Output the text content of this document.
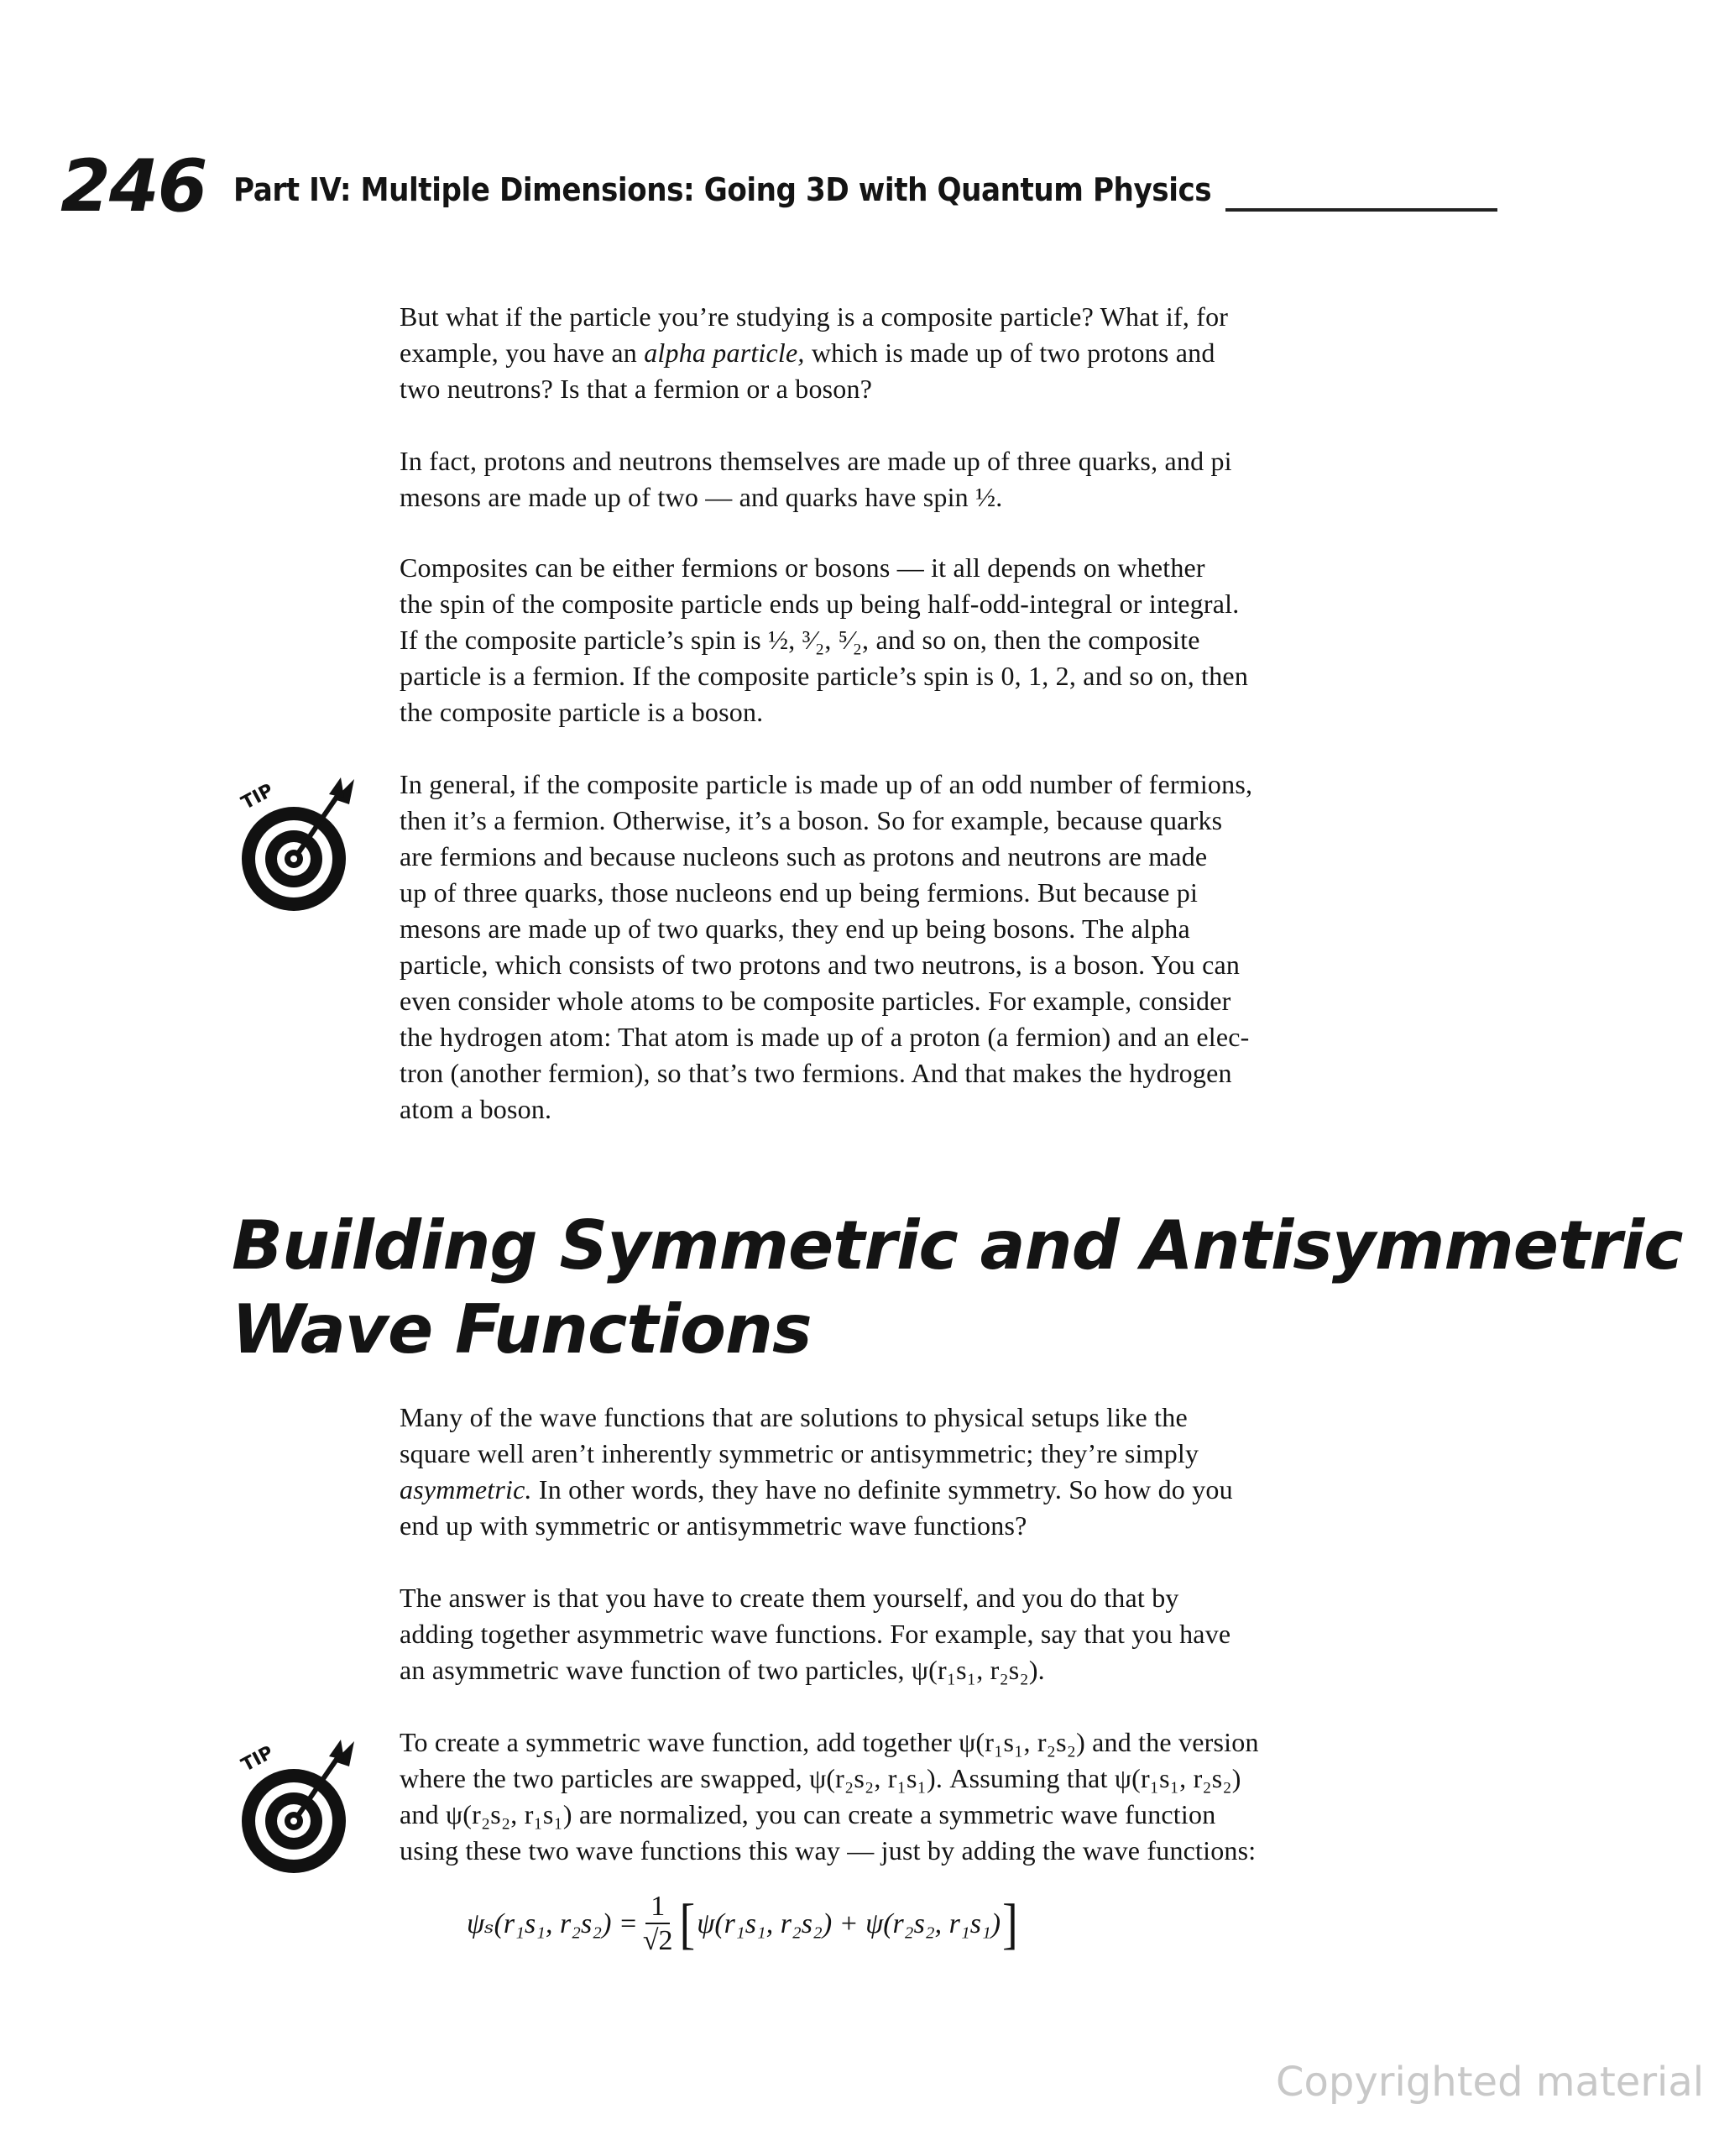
246 Part IV: Multiple Dimensions: Going 3D with Quantum Physics

But what if the particle you’re studying is a composite particle? What if, for
example, you have an alpha particle, which is made up of two protons and
two neutrons? Is that a fermion or a boson?

In fact, protons and neutrons themselves are made up of three quarks, and pi
mesons are made up of two — and quarks have spin ½.

Composites can be either fermions or bosons — it all depends on whether
the spin of the composite particle ends up being half-odd-integral or integral.
If the composite particle’s spin is ½, ³⁄₂, ⁵⁄₂, and so on, then the composite
particle is a fermion. If the composite particle’s spin is 0, 1, 2, and so on, then
the composite particle is a boson.

TIP	In general, if the composite particle is made up of an odd number of fermions,
then it’s a fermion. Otherwise, it’s a boson. So for example, because quarks
are fermions and because nucleons such as protons and neutrons are made
up of three quarks, those nucleons end up being fermions. But because pi
mesons are made up of two quarks, they end up being bosons. The alpha
particle, which consists of two protons and two neutrons, is a boson. You can
even consider whole atoms to be composite particles. For example, consider
the hydrogen atom: That atom is made up of a proton (a fermion) and an elec-
tron (another fermion), so that’s two fermions. And that makes the hydrogen
atom a boson.

Building Symmetric and Antisymmetric
Wave Functions

Many of the wave functions that are solutions to physical setups like the
square well aren’t inherently symmetric or antisymmetric; they’re simply
asymmetric. In other words, they have no definite symmetry. So how do you
end up with symmetric or antisymmetric wave functions?

The answer is that you have to create them yourself, and you do that by
adding together asymmetric wave functions. For example, say that you have
an asymmetric wave function of two particles, ψ(r₁s₁, r₂s₂).

TIP

To create a symmetric wave function, add together ψ(r₁s₁, r₂s₂) and the version
where the two particles are swapped, ψ(r₂s₂, r₁s₁). Assuming that ψ(r₁s₁, r₂s₂)
and ψ(r₂s₂, r₁s₁) are normalized, you can create a symmetric wave function
using these two wave functions this way — just by adding the wave functions:

ψₛ(r₁s₁, $r_2s_2) = \frac{1}{√2}$ [ ψ(r₁s₁, r₂s₂) + ψ(r₂s₂, r₁s₁) ]
Copyrighted material
